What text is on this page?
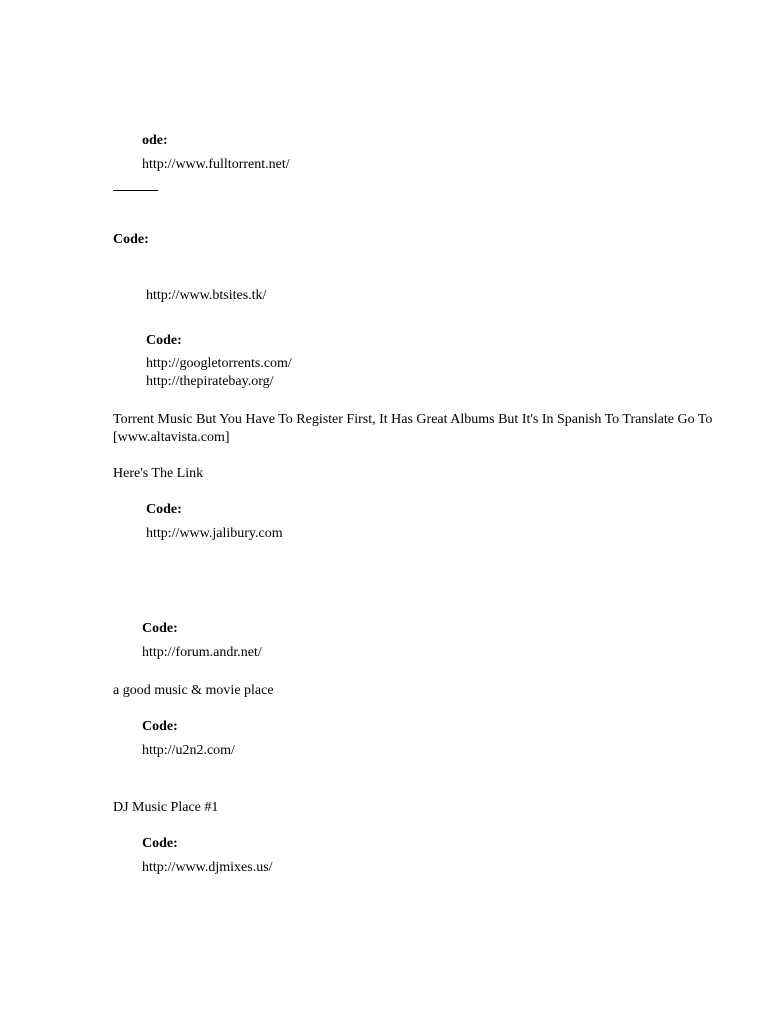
ode:
http://www.fulltorrent.net/
Code:
http://www.btsites.tk/
Code:
http://googletorrents.com/
http://thepiratebay.org/
Torrent Music But You Have To Register First, It Has Great Albums But It's In Spanish To Translate Go To [www.altavista.com]
Here's The Link
Code:
http://www.jalibury.com
Code:
http://forum.andr.net/
a good music & movie place
Code:
http://u2n2.com/
DJ Music Place #1
Code:
http://www.djmixes.us/
